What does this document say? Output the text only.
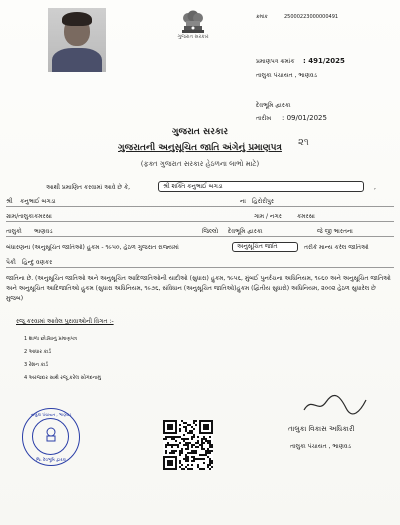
ગુજરાત સરકાર
ક્રમાંક	25000223000000491
પ્રમાણપત્ર ક્રમાંક : 491/2025
તાલુકા પંચાયત , ભાણવડ
દેવભૂમિ દ્વારકા
તારીખ : 09/01/2025
૨૧
ગુજરાત સરકાર
ગુજરાતની અનુસૂચિત જાતિ અંગેનું પ્રમાણપત્ર
(ફક્ત ગુજરાત સરકાર હેઠળના લાભો માટે)
આથી પ્રમાણિત કરવામાં આવે છે કે,	શ્રી શક્તિ કનુભાઈ બગડા	,
શ્રી કનુભાઈ બગડા	ના હિરોરીપુર
ગ્રામ/તાલુકા કમરસા	ગામ / નગર	કમરસા
તાલુકો ભાણવડ	જિલ્લો દેવભૂમિ દ્વારકા	જે જી ભારતના
બંધારણના (અનુસૂચિત જાતિઓ) હુકમ - ૧૯૫૦, હેઠળ ગુજરાત રાજ્યમાં	અનુસૂચિત જાતિ	તરીકે માન્ય કરેલ જાતિઓ
પૈકી હિન્દુ વણકર
જાતિના છે. (અનુસૂચિત જાતિઓ અને અનુસૂચિત આદિજાતિઓની યાદીઓ (સુધારા) હુકમ, ૧૯૫૬, મુંબઈ પુનર્રચના અધિનિયમ, ૧૯૬૦ અને અનુસૂચિત જાતિઓ અને અનુસૂચિત આદિજાતિઓ હુકમ (સુધારા અધિનિયમ, ૧૯૭૬, સંવિધાન (અનુસૂચિત જાતિઓ)હુકમ (દ્વિતીય સુધારો) અધિનિયમ, ૨૦૦૨ હેઠળ સુધારેલ છે મુજબ)
રજૂ કરવામાં આવેલ પુરાવાઓની વિગત :-
1 શાળા છોડ્યાનું પ્રમાણપત્ર
2 આધાર કાર્ડ
3 રેશન કાર્ડ
4 અરજદાર સાથે રજૂ કરેલ સોગંદનામું
તાલુકા પંચાયત , ભાણવડ
જિ. દેવભૂમિ દ્વારકા
તાલુકા વિકાસ અધિકારી
તાલુકા પંચાયત , ભાણવડ
